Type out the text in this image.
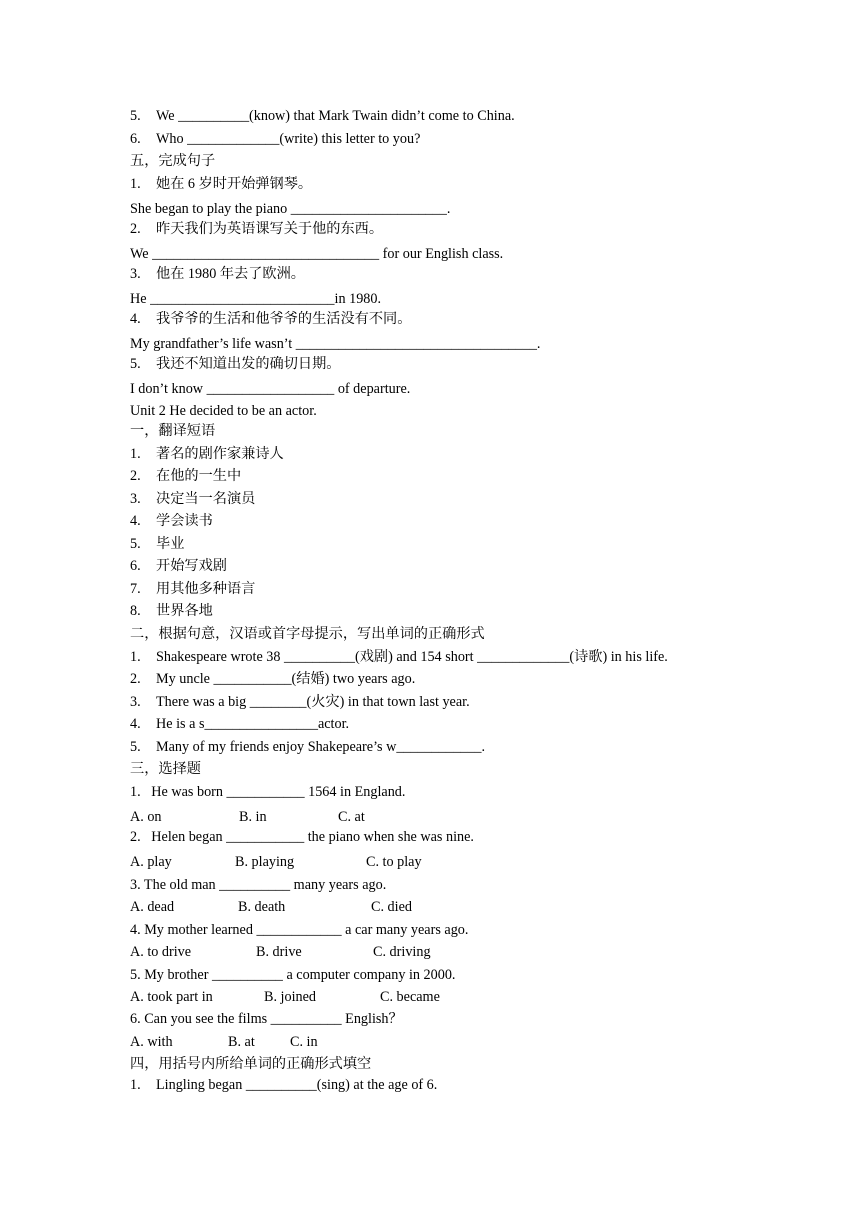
5. We __________(know) that Mark Twain didn’t come to China.
6. Who _____________(write) this letter to you?
五，完成句子
1. 她在 6 岁时开始弹钢琴。
She began to play the piano ______________________.
2. 昨天我们为英语课写关于他的东西。
We ________________________________ for our English class.
3. 他在 1980 年去了欧洲。
He __________________________in 1980.
4. 我爷爷的生活和他爷爷的生活没有不同。
My grandfather’s life wasn’t __________________________________.
5. 我还不知道出发的确切日期。
I don’t know __________________ of departure.
Unit 2 He decided to be an actor.
一，翻译短语
1. 著名的剧作家兼诗人
2. 在他的一生中
3. 决定当一名演员
4. 学会读书
5. 毕业
6. 开始写戏剧
7. 用其他多种语言
8. 世界各地
二，根据句意，汉语或首字母提示，写出单词的正确形式
1. Shakespeare wrote 38 __________(戏剧) and 154 short _____________(诗歌) in his life.
2. My uncle ___________(结婚) two years ago.
3. There was a big ________(火灾) in that town last year.
4. He is a s________________actor.
5. Many of my friends enjoy Shakepeare’s w____________.
三，选择题
1.   He was born ___________ 1564 in England.
A. on	B. in	C. at
2.   Helen began ___________ the piano when she was nine.
A. play	B. playing	C. to play
3. The old man __________ many years ago.
A. dead	B. death	C. died
4. My mother learned ____________ a car many years ago.
A. to drive	B. drive	C. driving
5. My brother __________ a computer company in 2000.
A. took part in	B. joined	C. became
6. Can you see the films __________ English？
A. with	B. at C. in
四，用括号内所给单词的正确形式填空
1. Lingling began __________(sing) at the age of 6.
